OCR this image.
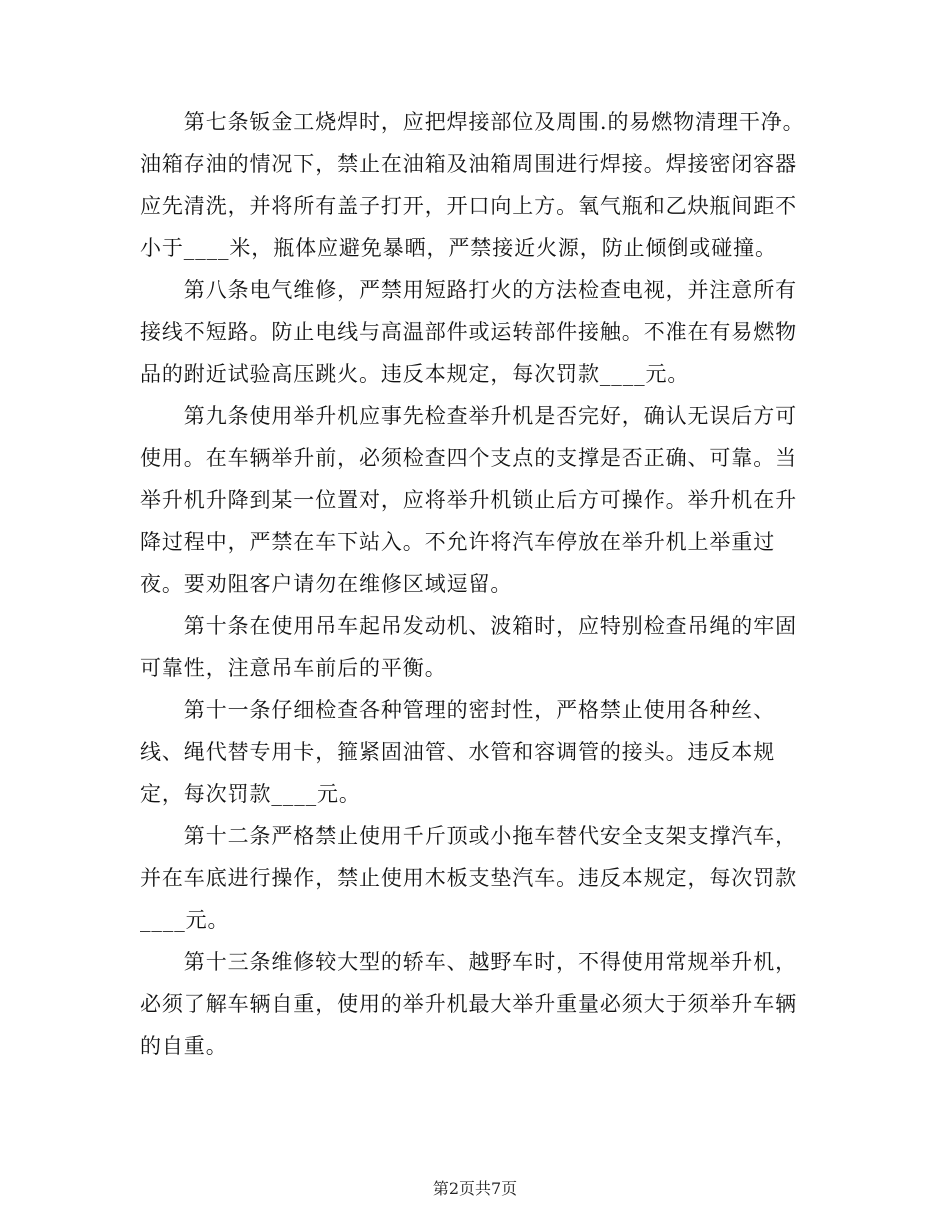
　　第七条钣金工烧焊时，应把焊接部位及周围.的易燃物清理干净。
油箱存油的情况下，禁止在油箱及油箱周围进行焊接。焊接密闭容器
应先清洗，并将所有盖子打开，开口向上方。氧气瓶和乙炔瓶间距不
小于____米，瓶体应避免暴晒，严禁接近火源，防止倾倒或碰撞。

　　第八条电气维修，严禁用短路打火的方法检查电视，并注意所有
接线不短路。防止电线与高温部件或运转部件接触。不准在有易燃物
品的跗近试验高压跳火。违反本规定，每次罚款____元。

　　第九条使用举升机应事先检查举升机是否完好，确认无误后方可
使用。在车辆举升前，必须检查四个支点的支撑是否正确、可靠。当
举升机升降到某一位置对，应将举升机锁止后方可操作。举升机在升
降过程中，严禁在车下站入。不允许将汽车停放在举升机上举重过
夜。要劝阻客户请勿在维修区域逗留。

　　第十条在使用吊车起吊发动机、波箱时，应特别检查吊绳的牢固
可靠性，注意吊车前后的平衡。

　　第十一条仔细检查各种管理的密封性，严格禁止使用各种丝、
线、绳代替专用卡，箍紧固油管、水管和容调管的接头。违反本规
定，每次罚款____元。

　　第十二条严格禁止使用千斤顶或小拖车替代安全支架支撑汽车，
并在车底进行操作，禁止使用木板支垫汽车。违反本规定，每次罚款
____元。

　　第十三条维修较大型的轿车、越野车时，不得使用常规举升机，
必须了解车辆自重，使用的举升机最大举升重量必须大于须举升车辆
的自重。

第2页共7页
